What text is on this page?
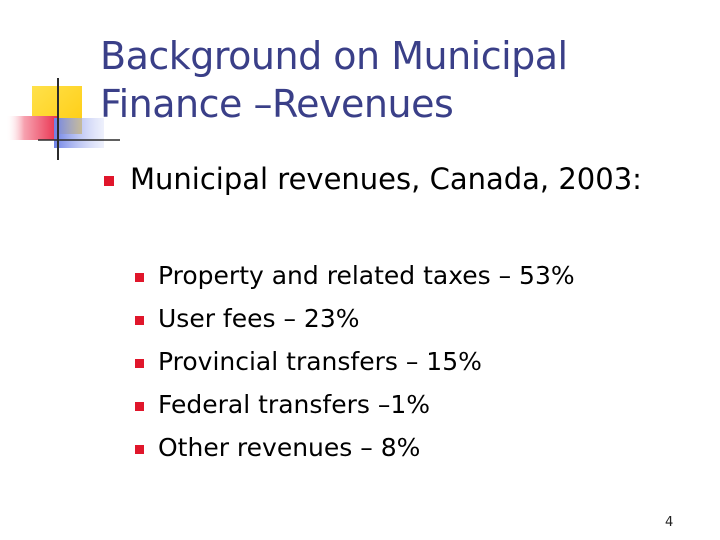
Background on Municipal
Finance –Revenues
Municipal revenues, Canada, 2003:
Property and related taxes – 53%
User fees – 23%
Provincial transfers – 15%
Federal transfers –1%
Other revenues – 8%
4
